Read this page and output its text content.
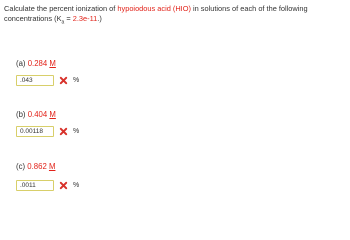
Calculate the percent ionization of hypoiodous acid (HIO) in solutions of each of the following concentrations $(K_a = 2.3e-11.)$
(a) 0.284 M
.043
%
(b) 0.404 M
0.00118
%
(c) 0.862 M
.0011
%
